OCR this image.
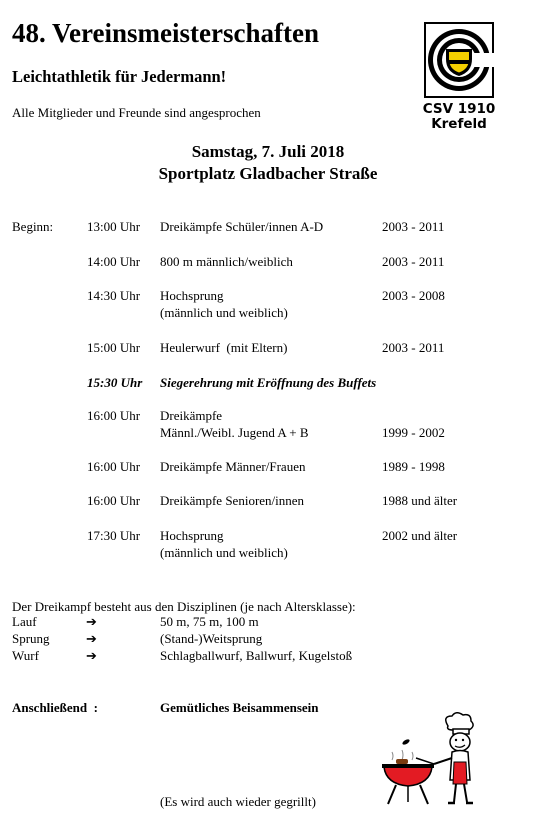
48. Vereinsmeisterschaften
Leichtathletik für Jedermann!
Alle Mitglieder und Freunde sind angesprochen	CSV 1910
Krefeld
Samstag, 7. Juli 2018
Sportplatz Gladbacher Straße
Beginn:	13:00 Uhr Dreikämpfe Schüler/innen A-D	2003 - 2011
14:00 Uhr 800 m männlich/weiblich	2003 - 2011
14:30 Uhr Hochsprung	2003 - 2008
(männlich und weiblich)
15:00 Uhr Heulerwurf  (mit Eltern)	2003 - 2011
15:30 Uhr Siegerehrung mit Eröffnung des Buffets
16:00 Uhr Dreikämpfe
Männl./Weibl. Jugend A + B	1999 - 2002
16:00 Uhr Dreikämpfe Männer/Frauen	1989 - 1998
16:00 Uhr Dreikämpfe Senioren/innen	1988 und älter
17:30 Uhr Hochsprung	2002 und älter
(männlich und weiblich)
Der Dreikampf besteht aus den Disziplinen (je nach Altersklasse):
Lauf	➔	50 m, 75 m, 100 m
Sprung	➔	(Stand-)Weitsprung
Wurf	➔	Schlagballwurf, Ballwurf, Kugelstoß
Anschließend  :	Gemütliches Beisammensein
(Es wird auch wieder gegrillt)
